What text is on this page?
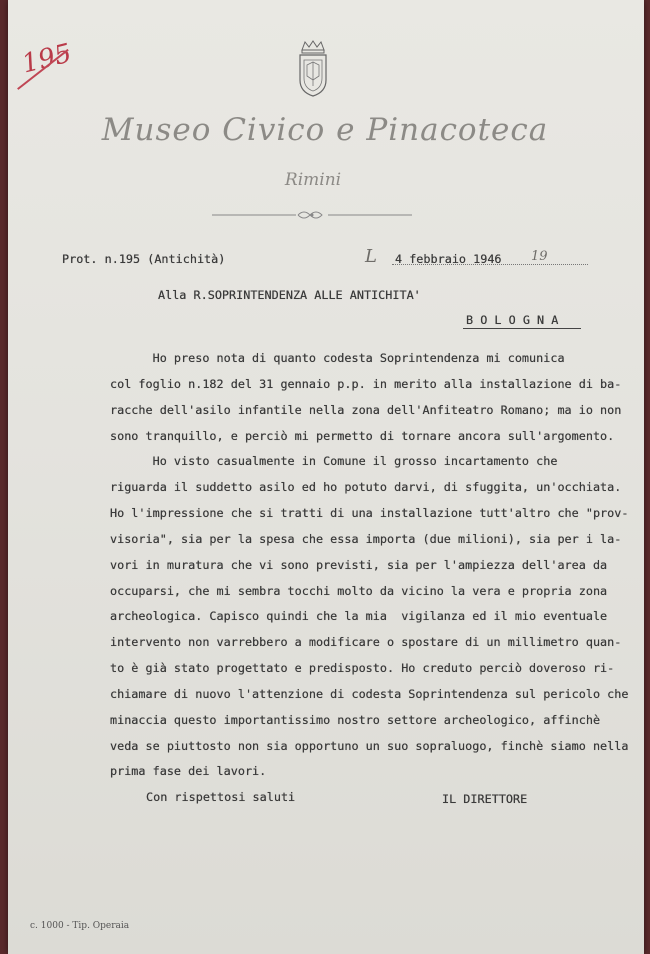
195
Museo Civico e Pinacoteca
Rimini
Prot. n.195 (Antichità)	L 4 febbraio 1946 19
Alla R.SOPRINTENDENZA ALLE ANTICHITA'
B O L O G N A
Ho preso nota di quanto codesta Soprintendenza mi comunica
col foglio n.182 del 31 gennaio p.p. in merito alla installazione di ba-
racche dell'asilo infantile nella zona dell'Anfiteatro Romano; ma io non
sono tranquillo, e perciò mi permetto di tornare ancora sull'argomento.
Ho visto casualmente in Comune il grosso incartamento che
riguarda il suddetto asilo ed ho potuto darvi, di sfuggita, un'occhiata.
Ho l'impressione che si tratti di una installazione tutt'altro che "prov-
visoria", sia per la spesa che essa importa (due milioni), sia per i la-
vori in muratura che vi sono previsti, sia per l'ampiezza dell'area da
occuparsi, che mi sembra tocchi molto da vicino la vera e propria zona
archeologica. Capisco quindi che la mia  vigilanza ed il mio eventuale
intervento non varrebbero a modificare o spostare di un millimetro quan-
to è già stato progettato e predisposto. Ho creduto perciò doveroso ri-
chiamare di nuovo l'attenzione di codesta Soprintendenza sul pericolo che
minaccia questo importantissimo nostro settore archeologico, affinchè
veda se piuttosto non sia opportuno un suo sopraluogo, finchè siamo nella
prima fase dei lavori.
Con rispettosi saluti	IL DIRETTORE
c. 1000 - Tip. Operaia
